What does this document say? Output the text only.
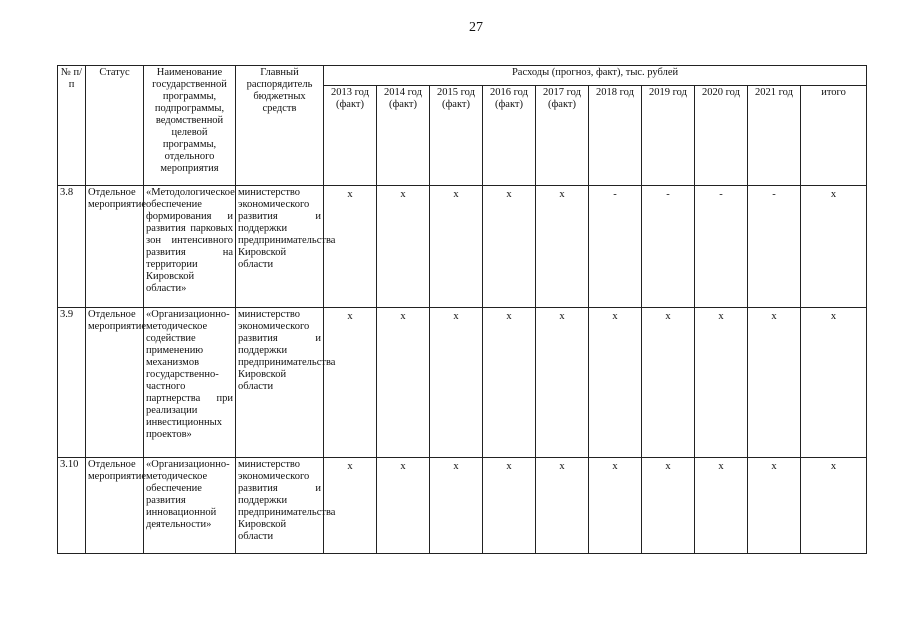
27
№ п/п	Статус	Наименование государственной программы, подпрограммы, ведомственной целевой программы, отдельного мероприятия	Главный распорядитель бюджетных средств	Расходы (прогноз, факт), тыс. рублей									
				2013 год (факт)	2014 год (факт)	2015 год (факт)	2016 год (факт)	2017 год (факт)	2018 год	2019 год	2020 год	2021 год	итого
3.8	Отдельное мероприятие	«Методологическое обеспечение формирования и развития парковых зон интенсивного развития на территории Кировской области»	министерство экономического развития и поддержки предпринимательства Кировской области	х	х	х	х	х	-	-	-	-	х
3.9	Отдельное мероприятие	«Организационно-методическое содействие применению механизмов государственно-частного партнерства при реализации инвестиционных проектов»	министерство экономического развития и поддержки предпринимательства Кировской области	х	х	х	х	х	х	х	х	х	х
3.10	Отдельное мероприятие	«Организационно-методическое обеспечение развития инновационной деятельности»	министерство экономического развития и поддержки предпринимательства Кировской области	х	х	х	х	х	х	х	х	х	х
